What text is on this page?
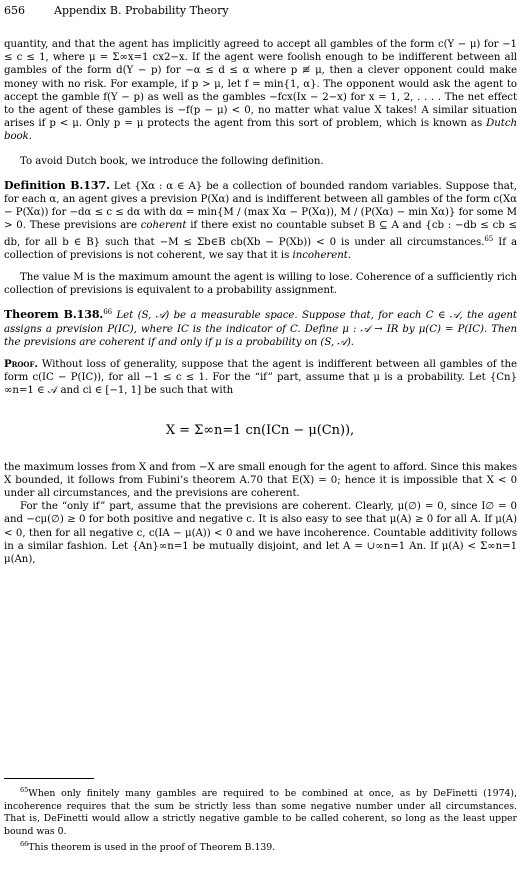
656	Appendix B. Probability Theory

quantity, and that the agent has implicitly agreed to accept all gambles of the form c(Y − μ) for −1 ≤ c ≤ 1, where μ = Σ∞x=1 cx2−x. If the agent were foolish enough to be indifferent between all gambles of the form d(Y − p) for −α ≤ d ≤ α where p ≢ μ, then a clever opponent could make money with no risk. For example, if p > μ, let f = min{1, α}. The opponent would ask the agent to accept the gamble f(Y − p) as well as the gambles −fcx(Ix − 2−x) for x = 1, 2, . . . . The net effect to the agent of these gambles is −f(p − μ) < 0, no matter what value X takes! A similar situation arises if p < μ. Only p = μ protects the agent from this sort of problem, which is known as Dutch book.

To avoid Dutch book, we introduce the following definition.

Definition B.137. Let {Xα : α ∈ A} be a collection of bounded random variables. Suppose that, for each α, an agent gives a prevision P(Xα) and is indifferent between all gambles of the form c(Xα − P(Xα)) for −dα ≤ c ≤ dα with dα = min{M / (max Xα − P(Xα)), M / (P(Xα) − min Xα)} for some M > 0. These previsions are coherent if there exist no countable subset B ⊆ A and {cb : −db ≤ cb ≤ db, for all b ∈ B} such that −M ≤ Σb∈B cb(Xb − P(Xb)) < 0 is under all circumstances.$^{65}$ If a collection of previsions is not coherent, we say that it is incoherent.

The value M is the maximum amount the agent is willing to lose. Coherence of a sufficiently rich collection of previsions is equivalent to a probability assignment.

Theorem B.138.66 Let (S, 𝒜) be a measurable space. Suppose that, for each C ∈ 𝒜, the agent assigns a prevision P(IC), where IC is the indicator of C. Define μ : 𝒜 → IR by μ(C) = P(IC). Then the previsions are coherent if and only if μ is a probability on (S, 𝒜).

Proof. Without loss of generality, suppose that the agent is indifferent between all gambles of the form c(IC − P(IC)), for all −1 ≤ c ≤ 1. For the “if” part, assume that μ is a probability. Let {Cn}∞n=1 ∈ 𝒜 and ci ∈ [−1, 1] be such that with

X = Σ∞n=1 cn(ICn − μ(Cn)),

the maximum losses from X and from −X are small enough for the agent to afford. Since this makes X bounded, it follows from Fubini’s theorem A.70 that E(X) = 0; hence it is impossible that X < 0 under all circumstances, and the previsions are coherent.

For the “only if” part, assume that the previsions are coherent. Clearly, μ(∅) = 0, since I∅ = 0 and −cμ(∅) ≥ 0 for both positive and negative c. It is also easy to see that μ(A) ≥ 0 for all A. If μ(A) < 0, then for all negative c, c(IA − μ(A)) < 0 and we have incoherence. Countable additivity follows in a similar fashion. Let {An}∞n=1 be mutually disjoint, and let A = ∪∞n=1 An. If μ(A) < Σ∞n=1 μ(An),

$^{65}$When only finitely many gambles are required to be combined at once, as by DeFinetti (1974), incoherence requires that the sum be strictly less than some negative number under all circumstances. That is, DeFinetti would allow a strictly negative gamble to be called coherent, so long as the least upper bound was 0.

$^{66}$This theorem is used in the proof of Theorem B.139.
